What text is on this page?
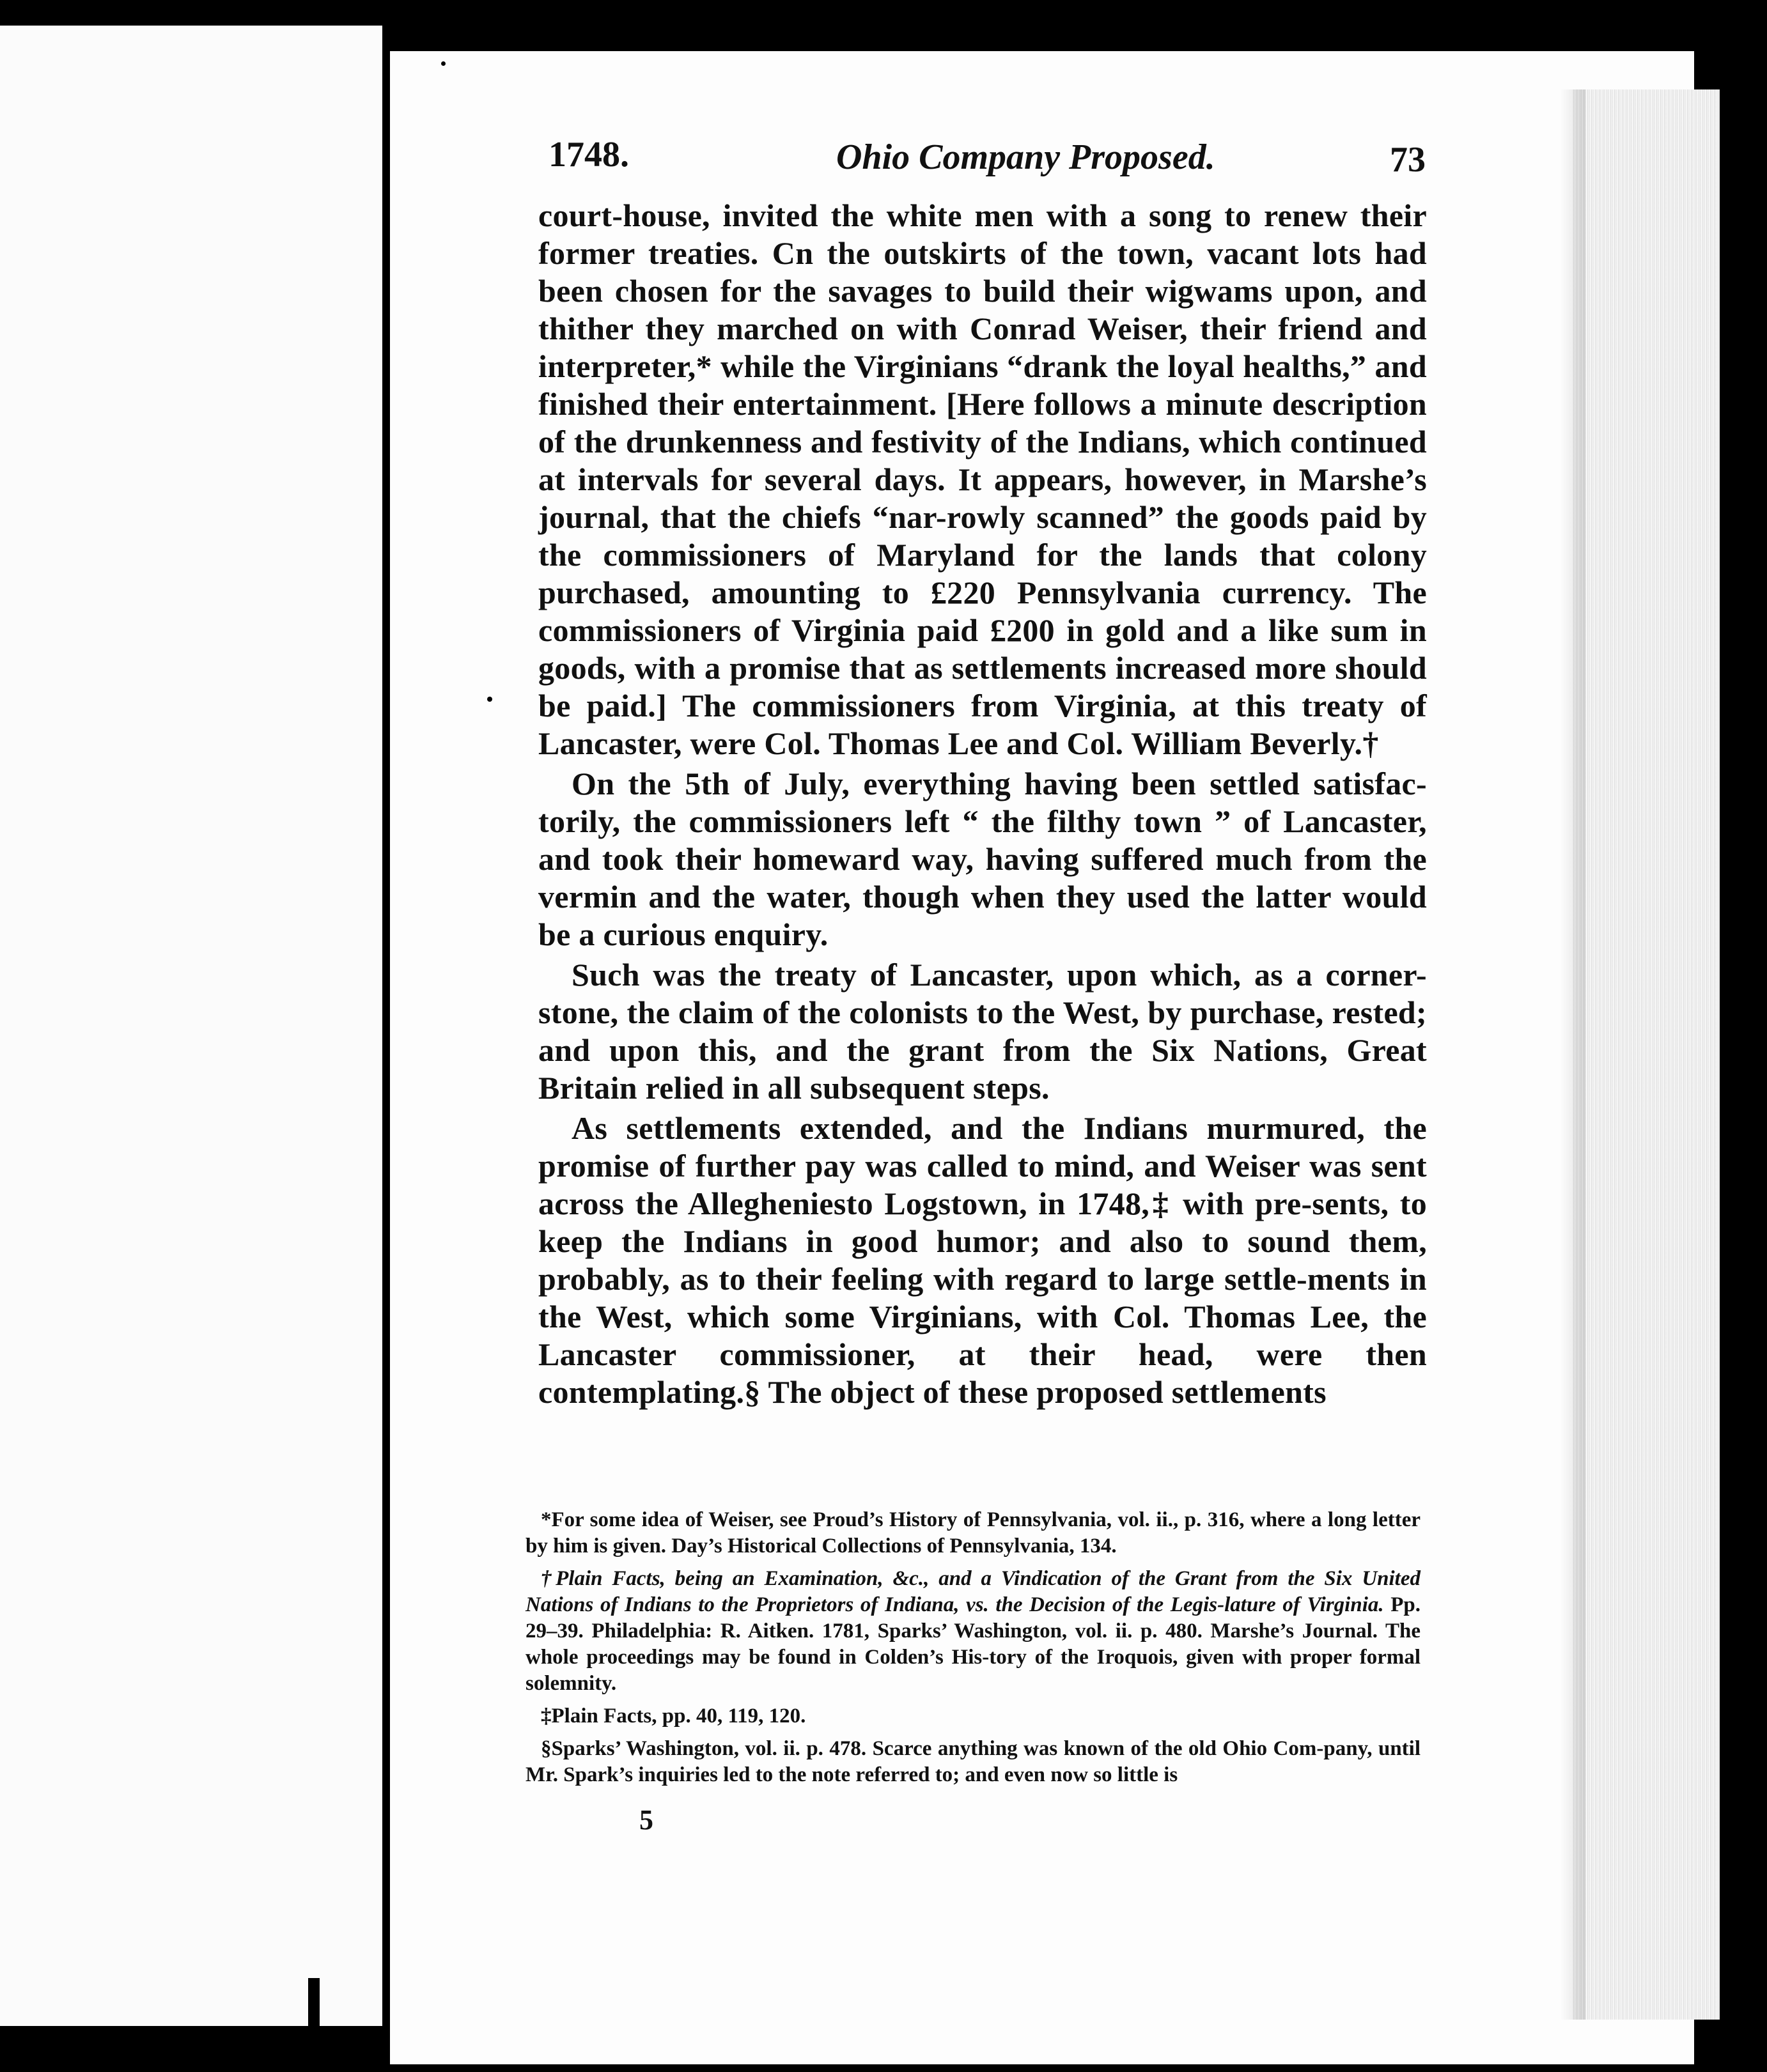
1748.	Ohio Company Proposed.	73

court-house, invited the white men with a song to renew their former treaties. Cn the outskirts of the town, vacant lots had been chosen for the savages to build their wigwams upon, and thither they marched on with Conrad Weiser, their friend and interpreter,* while the Virginians “drank the loyal healths,” and finished their entertainment. [Here follows a minute description of the drunkenness and festivity of the Indians, which continued at intervals for several days. It appears, however, in Marshe’s journal, that the chiefs “nar-rowly scanned” the goods paid by the commissioners of Maryland for the lands that colony purchased, amounting to £220 Pennsylvania currency. The commissioners of Virginia paid £200 in gold and a like sum in goods, with a promise that as settlements increased more should be paid.] The commissioners from Virginia, at this treaty of Lancaster, were Col. Thomas Lee and Col. William Beverly.†

On the 5th of July, everything having been settled satisfac-torily, the commissioners left “ the filthy town ” of Lancaster, and took their homeward way, having suffered much from the vermin and the water, though when they used the latter would be a curious enquiry.

Such was the treaty of Lancaster, upon which, as a corner-stone, the claim of the colonists to the West, by purchase, rested; and upon this, and the grant from the Six Nations, Great Britain relied in all subsequent steps.

As settlements extended, and the Indians murmured, the promise of further pay was called to mind, and Weiser was sent across the Allegheniesto Logstown, in 1748,‡ with pre-sents, to keep the Indians in good humor; and also to sound them, probably, as to their feeling with regard to large settle-ments in the West, which some Virginians, with Col. Thomas Lee, the Lancaster commissioner, at their head, were then contemplating.§ The object of these proposed settlements

*For some idea of Weiser, see Proud’s History of Pennsylvania, vol. ii., p. 316, where a long letter by him is given. Day’s Historical Collections of Pennsylvania, 134.

†Plain Facts, being an Examination, &c., and a Vindication of the Grant from the Six United Nations of Indians to the Proprietors of Indiana, vs. the Decision of the Legis-lature of Virginia. Pp. 29–39. Philadelphia: R. Aitken. 1781, Sparks’ Washington, vol. ii. p. 480. Marshe’s Journal. The whole proceedings may be found in Colden’s His-tory of the Iroquois, given with proper formal solemnity.

‡Plain Facts, pp. 40, 119, 120.

§Sparks’ Washington, vol. ii. p. 478. Scarce anything was known of the old Ohio Com-pany, until Mr. Spark’s inquiries led to the note referred to; and even now so little is

5
